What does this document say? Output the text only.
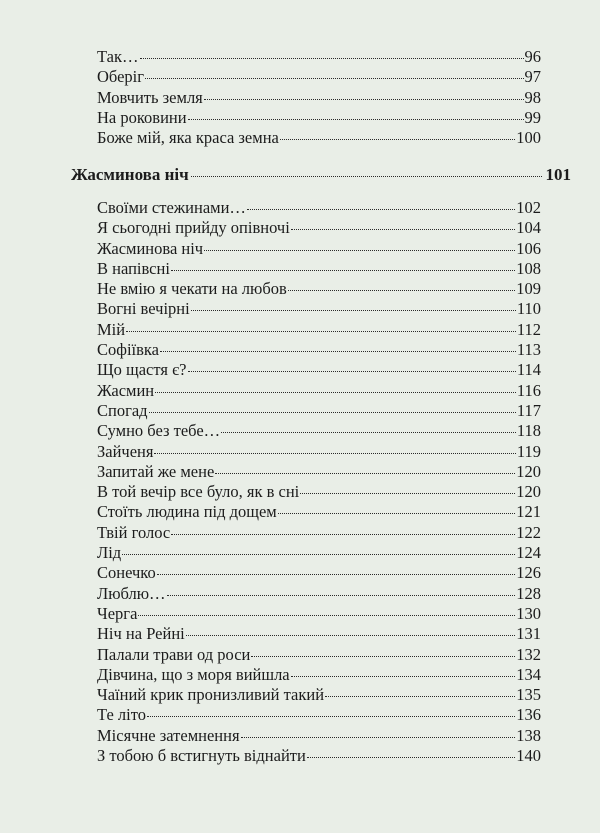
Так…	96
Оберіг	97
Мовчить земля	98
На роковини	99
Боже мій, яка краса земна	100
Жасминова ніч	101
Своїми стежинами…	102
Я сьогодні прийду опівночі	104
Жасминова ніч	106
В напівсні	108
Не вмію я чекати на любов	109
Вогні вечірні	110
Мій	112
Софіївка	113
Що щастя є?	114
Жасмин	116
Спогад	117
Сумно без тебе…	118
Зайченя	119
Запитай же мене	120
В той вечір все було, як в сні	120
Стоїть людина під дощем	121
Твій голос	122
Лід	124
Сонечко	126
Люблю…	128
Черга	130
Ніч на Рейні	131
Палали трави од роси	132
Дівчина, що з моря вийшла	134
Чаїний крик пронизливий такий	135
Те літо	136
Місячне затемнення	138
З тобою б встигнуть віднайти	140
